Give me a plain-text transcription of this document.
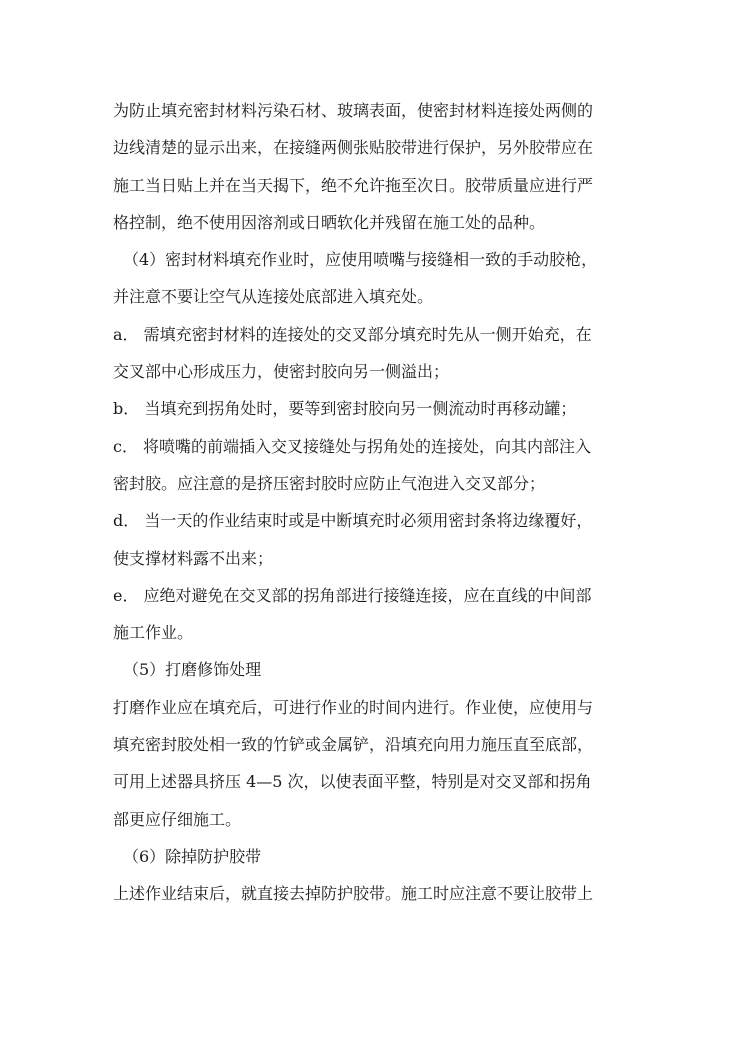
为防止填充密封材料污染石材、玻璃表面，使密封材料连接处两侧的

边线清楚的显示出来，在接缝两侧张贴胶带进行保护，另外胶带应在

施工当日贴上并在当天揭下，绝不允许拖至次日。胶带质量应进行严

格控制，绝不使用因溶剂或日晒软化并残留在施工处的品种。

（4）密封材料填充作业时，应使用喷嘴与接缝相一致的手动胶枪，

并注意不要让空气从连接处底部进入填充处。

a． 需填充密封材料的连接处的交叉部分填充时先从一侧开始充，在

交叉部中心形成压力，使密封胶向另一侧溢出；

b． 当填充到拐角处时，要等到密封胶向另一侧流动时再移动罐；

c． 将喷嘴的前端插入交叉接缝处与拐角处的连接处，向其内部注入

密封胶。应注意的是挤压密封胶时应防止气泡进入交叉部分；

d． 当一天的作业结束时或是中断填充时必须用密封条将边缘覆好，

使支撑材料露不出来；

e． 应绝对避免在交叉部的拐角部进行接缝连接，应在直线的中间部

施工作业。

（5）打磨修饰处理

打磨作业应在填充后，可进行作业的时间内进行。作业使，应使用与

填充密封胶处相一致的竹铲或金属铲，沿填充向用力施压直至底部，

可用上述器具挤压 4—5 次，以使表面平整，特别是对交叉部和拐角

部更应仔细施工。

（6）除掉防护胶带

上述作业结束后，就直接去掉防护胶带。施工时应注意不要让胶带上
